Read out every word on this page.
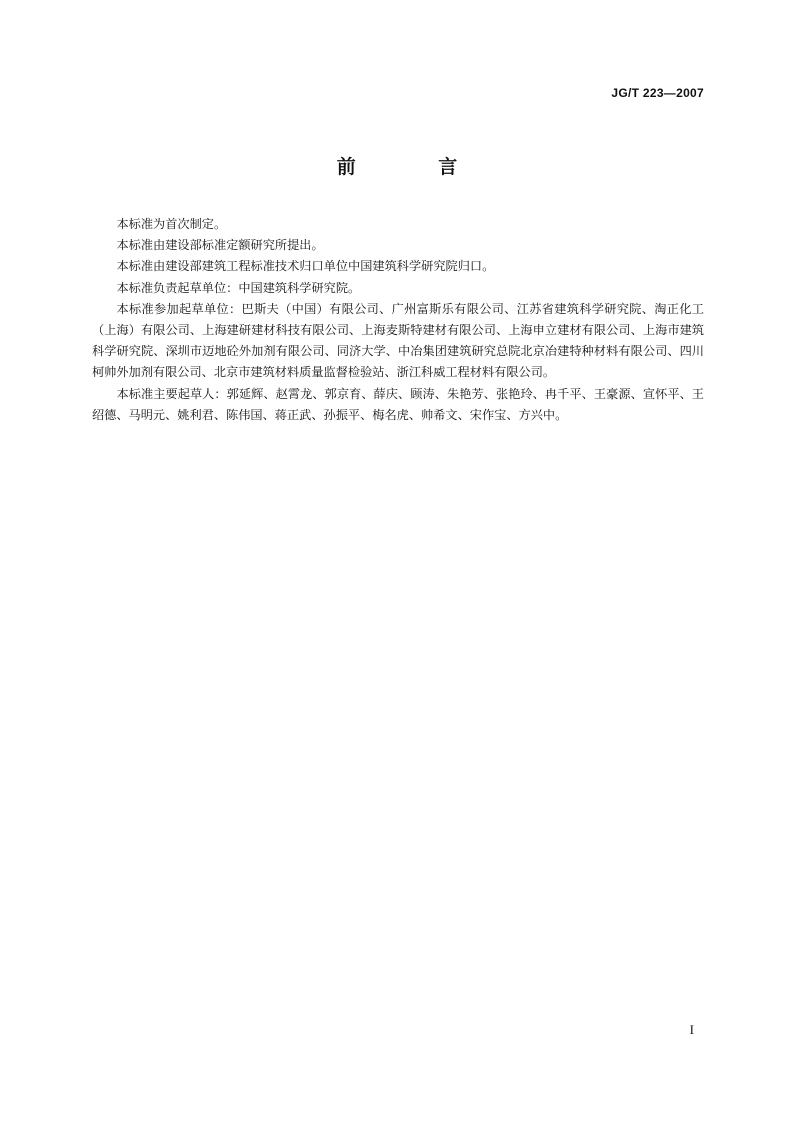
JG/T 223—2007
前 言

本标准为首次制定。

本标准由建设部标准定额研究所提出。

本标准由建设部建筑工程标准技术归口单位中国建筑科学研究院归口。

本标准负责起草单位：中国建筑科学研究院。

本标准参加起草单位：巴斯夫（中国）有限公司、广州富斯乐有限公司、江苏省建筑科学研究院、淘正化工（上海）有限公司、上海建研建材科技有限公司、上海麦斯特建材有限公司、上海申立建材有限公司、上海市建筑科学研究院、深圳市迈地砼外加剂有限公司、同济大学、中冶集团建筑研究总院北京冶建特种材料有限公司、四川柯帅外加剂有限公司、北京市建筑材料质量监督检验站、浙江科威工程材料有限公司。

本标准主要起草人：郭延辉、赵霄龙、郭京育、薛庆、顾涛、朱艳芳、张艳玲、冉千平、王豪源、宣怀平、王绍德、马明元、姚利君、陈伟国、蒋正武、孙振平、梅名虎、帅希文、宋作宝、方兴中。

I
